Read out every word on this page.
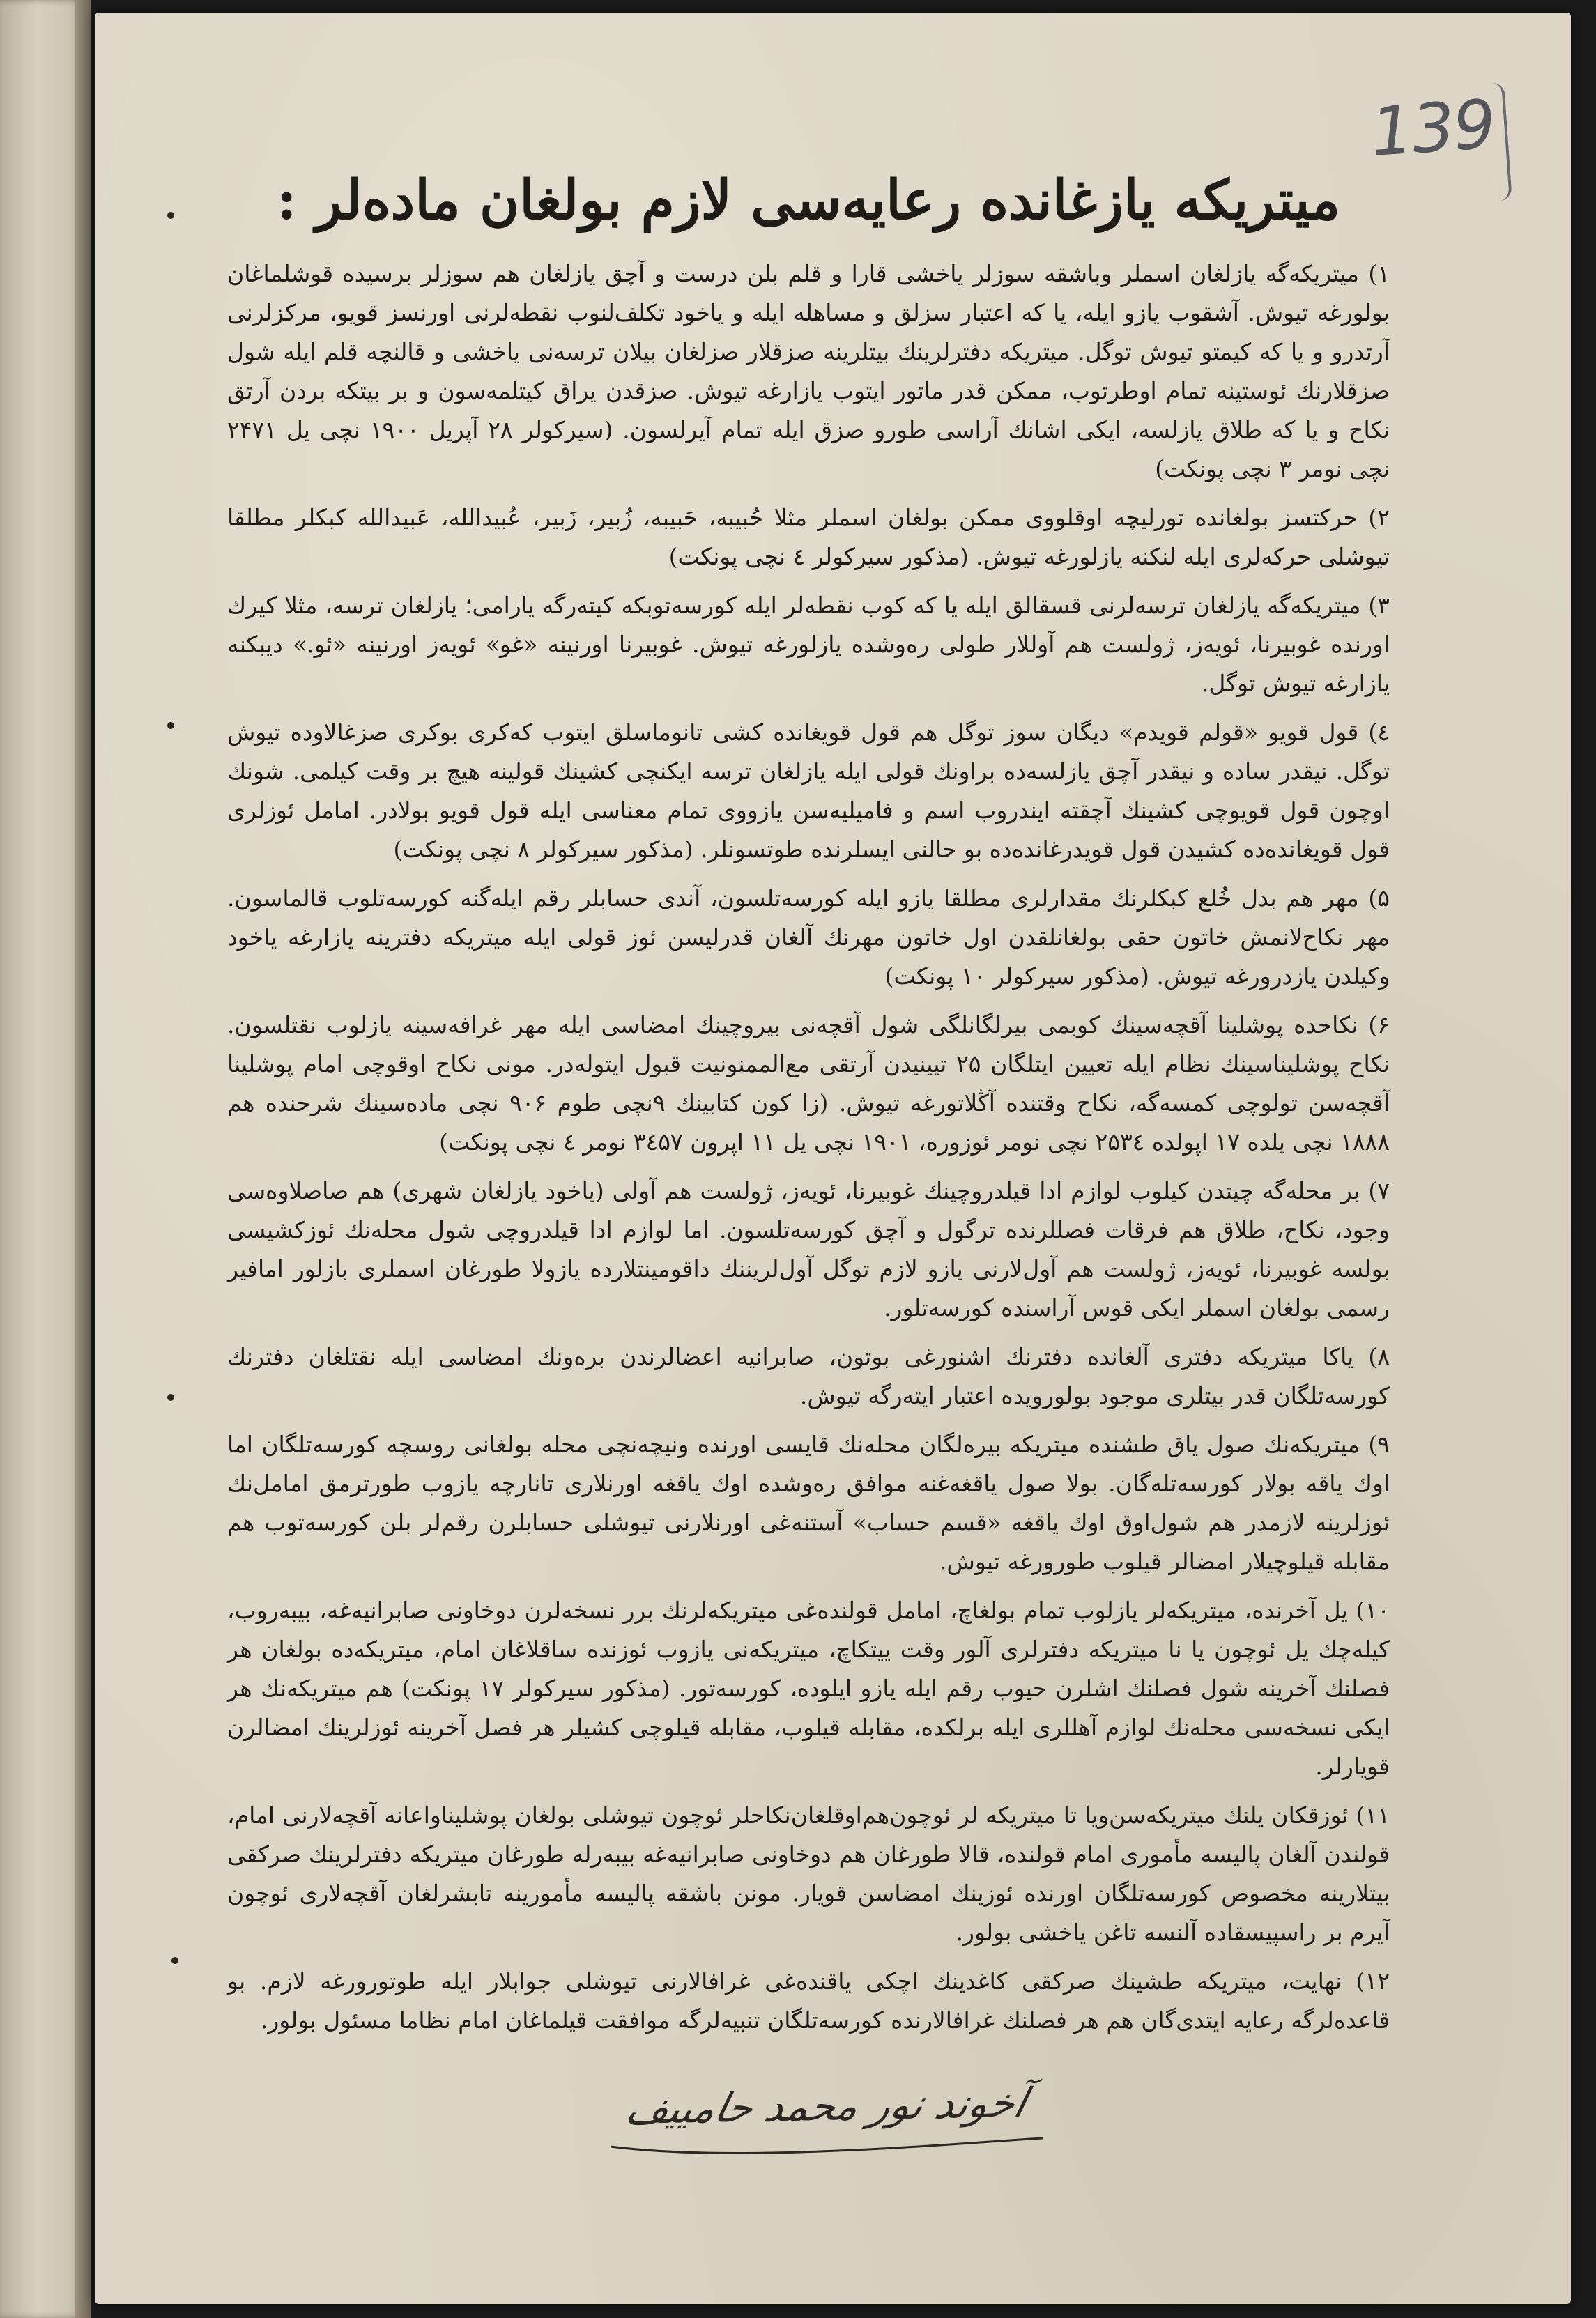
139
میتریکه یازغانده رعایه‌سی لازم بولغان ماده‌لر :

۱) میتریکه‌گه یازلغان اسملر وباشقه سوزلر یاخشی قارا و قلم بلن درست و آچق یازلغان هم سوزلر برسیده قوشلماغان بولورغه تیوش. آشقوب یازو ایله، یا که اعتبار سزلق و مساهله ایله و یاخود تکلف‌لنوب نقطه‌لرنی اورنسز قویو، مرکزلرنی آرتدرو و یا که کیمتو تیوش توگل. میتریکه دفترلرینك بیتلرینه صزقلار صزلغان بیلان ترسه‌نی یاخشی و قالنچه قلم ایله شول صزقلارنك ئوستینه تمام اوطرتوب، ممکن قدر ماتور ایتوب یازارغه تیوش. صزقدن یراق کیتلمه‌سون و بر بیتکه بردن آرتق نکاح و یا که طلاق یازلسه، ایکی اشانك آراسی طورو صزق ایله تمام آیرلسون. (سیرکولر ۲۸ آپریل ۱۹۰۰ نچی یل ۲۴۷۱ نچی نومر ۳ نچی پونکت)

۲) حرکتسز بولغانده تورلیچه اوقلووی ممکن بولغان اسملر مثلا حُبیبه، حَبیبه، زُبیر، زَبیر، عُبیدالله، عَبیدالله کبکلر مطلقا تیوشلی حرکه‌لری ایله‌ لنکنه یازلورغه تیوش. (مذکور سیرکولر ٤ نچی پونکت)

۳) میتریکه‌گه یازلغان ترسه‌لرنی قسقالق ایله یا که کوب نقطه‌لر ایله کورسه‌توبکه کیته‌رگه یارامی؛ یازلغان ترسه، مثلا کیرك اورنده غوبیرنا، ئویه‌ز، ژولست هم آوللار طولی ره‌وشده یازلورغه تیوش. غوبیرنا اورنینه «غو» ئویه‌ز اورنینه «ئو.» دیبکنه یازارغه تیوش توگل.

٤) قول قویو «قولم قویدم» دیگان سوز توگل هم قول قویغانده کشی تانوماسلق ایتوب که‌کری بوکری صزغالاوده تیوش توگل. نیقدر ساده و نیقدر آچق یازلسه‌ده براونك قولی ایله یازلغان ترسه ایکنچی کشینك قولینه هیچ بر وقت کیلمی. شونك اوچون قول قویوچی کشینك آچقته ایندروب اسم و فامیلیه‌سن یازووی تمام معناسی ایله قول قویو بولادر. امامل ئوزلری قول قویغانده‌ده کشیدن قول قویدرغانده‌ده بو حالنی ایسلرنده طوتسونلر. (مذکور سیرکولر ۸ نچی پونکت)

۵) مهر هم بدل خُلع کبکلرنك مقدارلری مطلقا یازو ایله کورسه‌تلسون، آندی حسابلر رقم ایله‌گنه کورسه‌تلوب قالماسون. مهر نکاح‌لانمش خاتون حقی بولغانلقدن اول خاتون‌ مهرنك آلغان قدرلیسن ئوز قولی ایله میتریکه دفترینه یازارغه یاخود وکیلدن یازدرورغه تیوش. (مذکور سیرکولر ۱۰ پونکت)

۶) نکاحده پوشلینا آقچه‌سینك کوبمی بیرلگانلگی شول آقچه‌نی بیروچینك امضاسی ایله مهر غرافه‌سینه یازلوب نقتلسون. نکاح پوشلیناسینك نظام ایله تعیین ایتلگان ۲۵ تیینیدن آرتقی مع‌الممنونیت قبول ایتوله‌در. مونی نکاح اوقوچی امام پوشلینا آقچه‌سن تولوچی کمسه‌گه، نکاح وقتنده آڭلاتورغه تیوش. (زا کون کتابینك ۹نچی طوم ۹۰۶ نچی ماده‌سینك شرحنده هم ۱۸۸۸ نچی یلده ۱۷ اپولده ۲۵۳٤ نچی نومر ئوزوره، ۱۹۰۱ نچی یل ۱۱ اپرون ۳٤۵۷ نومر ٤ نچی پونکت)

۷) بر محله‌گه چیتدن کیلوب لوازم ادا قیلدروچینك غوبیرنا، ئویه‌ز، ژولست هم آولی (یاخود یازلغان شهری) هم صاصلاوه‌سی وجود، نکاح، طلاق هم فرقات فصللرنده ترگول و آچق کورسه‌تلسون. اما لوازم ادا قیلدروچی شول محله‌نك ئوزکشیسی بولسه غوبیرنا، ئویه‌ز، ژولست هم آول‌لارنی یازو لازم توگل آول‌لریننك داقومینتلارده یازولا طورغان اسملری بازلور امافیر رسمی بولغان اسملر ایکی قوس آراسنده کورسه‌تلور.

۸) یاکا میتریکه دفتری آلغانده دفترنك اشنورغی بوتون، صابرانیه اعضالرندن بره‌ونك امضاسی ایله نقتلغان دفترنك کورسه‌تلگان قدر بیتلری موجود بولورویده اعتبار ایته‌رگه تیوش.

۹) میتریکه‌نك صول یاق طشنده میتریکه بیره‌لگان محله‌نك قایسی اورنده ونیچه‌نچی محله بولغانی روسچه کورسه‌تلگان اما اوك یاقه بولار کورسه‌تله‌گان. بولا صول یاقغه‌غنه موافق ره‌وشده اوك یاقغه اورنلاری تانارچه یازوب طورترمق امامل‌نك ئوزلرینه لازمدر هم شول‌اوق اوك یاقغه «قسم حساب» آستنه‌غی اورنلارنی تیوشلی حسابلرن رقم‌لر بلن کورسه‌توب هم مقابله قیلوچیلار امضالر قیلوب طورورغه تیوش.

۱۰) یل آخرنده، میتریکه‌لر یازلوب تمام بولغاچ، امامل قولنده‌غی میتریکه‌لرنك برر نسخه‌لرن دوخاونی صابرانیه‌غه، بیبه‌روب، کیله‌چك یل ئوچون یا نا میتریکه دفترلری آلور وقت ییتکاچ، میتریکه‌نی یازوب ئوزنده ساقلاغان امام، میتریکه‌ده بولغان هر فصلنك آخرینه شول فصلنك اشلرن حیوب رقم ایله یازو ایلوده، کورسه‌تور. (مذکور سیرکولر ۱۷ پونکت) هم میتریکه‌نك هر ایکی نسخه‌سی محله‌نك لوازم آهللری ایله برلکده، مقابله قیلوب، مقابله قیلوچی کشیلر هر فصل آخرینه ئوزلرینك امضالرن قویارلر.

۱۱) ئوزقکان یلنك میتریکه‌سن‌ویا تا میتریکه لر ئوچون‌هم‌اوقلغان‌نکاحلر ئوچون تیوشلی بولغان پوشلیناواعانه آقچه‌لارنی امام، قولندن آلغان پالیسه مأموری امام قولنده، قالا طورغان هم دوخاونی صابرانیه‌غه بیبه‌رله طورغان میتریکه دفترلرینك صرکقی بیتلارینه مخصوص کورسه‌تلگان اورنده ئوزینك امضاسن قویار. مونن باشقه پالیسه مأمورینه تابشرلغان آقچه‌لاری ئوچون آیرم بر راسپیسقاده آلنسه تاغن یاخشی بولور.

۱۲) نهایت، میتریکه طشینك صرکقی کاغدینك اچکی یاقنده‌غی غرافالارنی تیوشلی جوابلار ایله طوتورورغه لازم. بو قاعده‌لرگه رعایه ایتدی‌گان هم هر فصلنك غرافالارنده کورسه‌تلگان تنبیه‌لرگه موافقت قیلماغان امام نظاما مسئول بولور.

آخوند نور محمد حامییف
